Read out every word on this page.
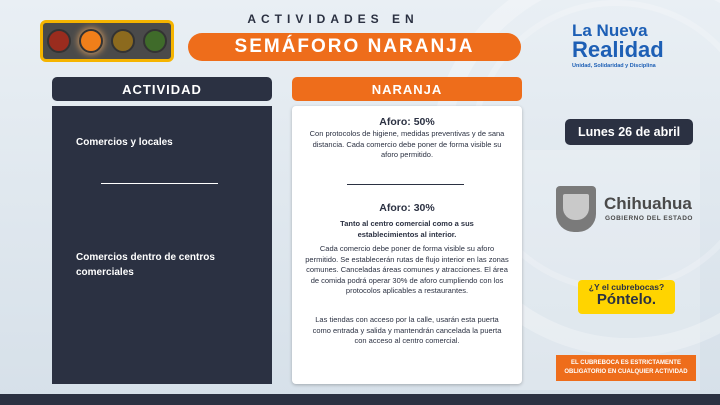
ACTIVIDADES EN
SEMÁFORO NARANJA
La Nueva
Realidad
Unidad, Solidaridad y Disciplina
ACTIVIDAD	NARANJA
Comercios y locales
Comercios dentro de centros comerciales
Aforo: 50%
Con protocolos de higiene, medidas preventivas y de sana distancia. Cada comercio debe poner de forma visible su aforo permitido.
Aforo: 30%
Tanto al centro comercial como a sus establecimientos al interior.
Cada comercio debe poner de forma visible su aforo permitido. Se establecerán rutas de flujo interior en las zonas comunes. Canceladas áreas comunes y atracciones. El área de comida podrá operar 30% de aforo cumpliendo con los protocolos aplicables a restaurantes.
Las tiendas con acceso por la calle, usarán esta puerta como entrada y salida y mantendrán cancelada la puerta con acceso al centro comercial.
Lunes 26 de abril
Chihuahua
GOBIERNO DEL ESTADO
¿Y el cubrebocas?
Póntelo.
EL CUBREBOCA ES ESTRICTAMENTE
OBLIGATORIO EN CUALQUIER ACTIVIDAD
